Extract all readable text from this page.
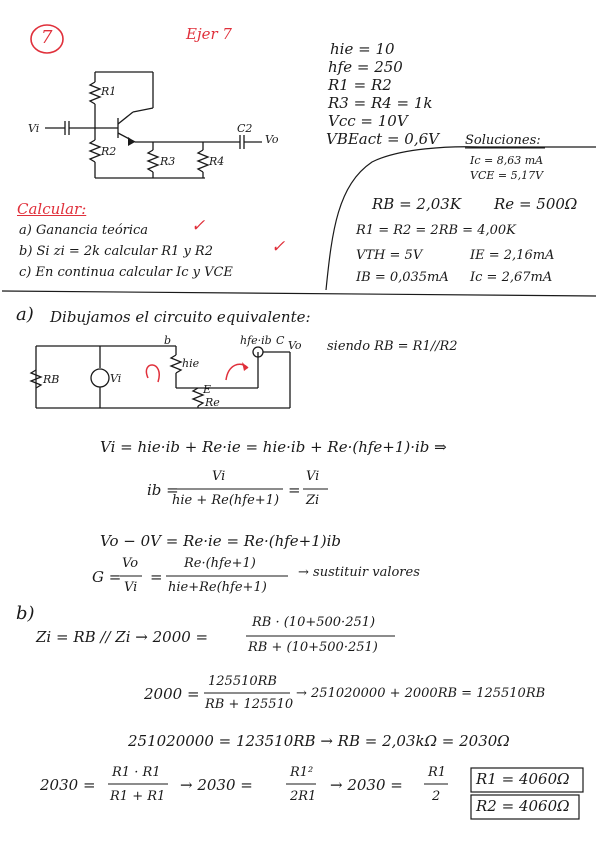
7	Ejer 7
R1
Vi
R2
R3	R4
C2
Vo
hie = 10
hfe = 250
R1 = R2
R3 = R4 = 1k
Vcc = 10V
VBEact = 0,6V Soluciones:
Ic = 8,63 mA
VCE = 5,17V
RB = 2,03K Re = 500Ω
R1 = R2 = 2RB = 4,00K
VTH = 5V	IE = 2,16mA
IB = 0,035mA Ic = 2,67mA
Calcular:
a) Ganancia teórica	✓
b) Si zi = 2k calcular R1 y R2	✓
c) En continua calcular Ic y VCE
a) Dibujamos el circuito equivalente:
RB	Vi
b
hie
hfe·ib C Vo
E
Re
siendo RB = R1//R2
Vi = hie·ib + Re·ie = hie·ib + Re·(hfe+1)·ib ⇒
ib =
Vi
hie + Re(hfe+1)
=
Vi
Zi
Vo − 0V = Re·ie = Re·(hfe+1)ib
G =
Vo
Vi
=
Re·(hfe+1)
hie+Re(hfe+1)
→ sustituir valores
b)
Zi = RB // Zi → 2000 =
RB · (10+500·251)
RB + (10+500·251)
2000 =
125510RB
RB + 125510
→ 251020000 + 2000RB = 125510RB
251020000 = 123510RB → RB = 2,03kΩ = 2030Ω
2030 =
R1 · R1
R1 + R1
→ 2030 =
R1²
2R1
→ 2030 =
R1
2
R1 = 4060Ω
R2 = 4060Ω
